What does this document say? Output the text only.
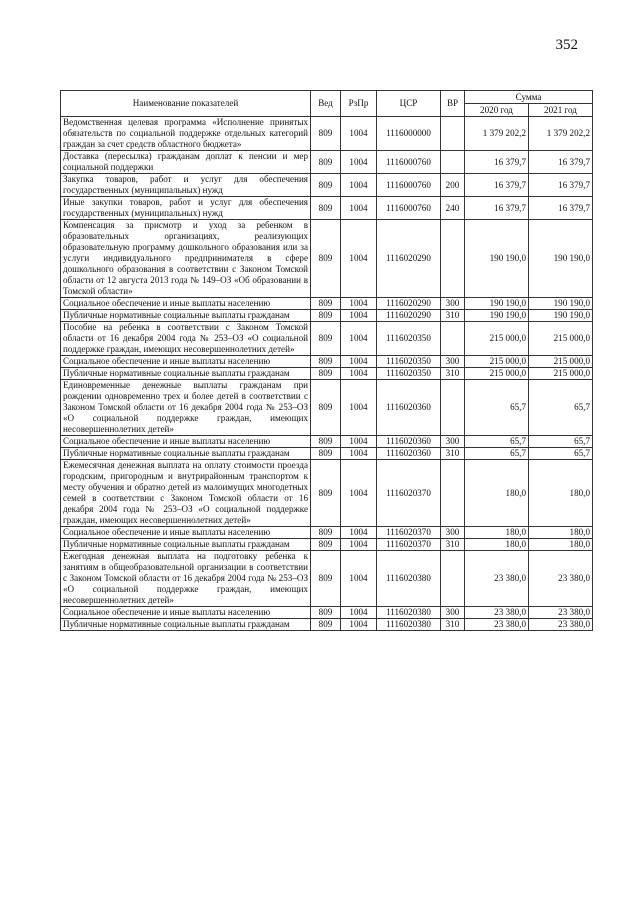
352
Наименование показателей	Вед	РзПр	ЦСР	ВР	Сумма	
					2020 год	2021 год
Ведомственная целевая программа «Исполнение принятых обязательств по социальной поддержке отдельных категорий граждан за счет средств областного бюджета»	809	1004	1116000000		1 379 202,2	1 379 202,2
Доставка (пересылка) гражданам доплат к пенсии и мер социальной поддержки	809	1004	1116000760		16 379,7	16 379,7
Закупка товаров, работ и услуг для обеспечения государственных (муниципальных) нужд	809	1004	1116000760	200	16 379,7	16 379,7
Иные закупки товаров, работ и услуг для обеспечения государственных (муниципальных) нужд	809	1004	1116000760	240	16 379,7	16 379,7
Компенсация за присмотр и уход за ребенком в образовательных организациях, реализующих образовательную программу дошкольного образования или за услуги индивидуального предпринимателя в сфере дошкольного образования в соответствии с Законом Томской области от 12 августа 2013 года № 149–ОЗ «Об образовании в Томской области»	809	1004	1116020290		190 190,0	190 190,0
Социальное обеспечение и иные выплаты населению	809	1004	1116020290	300	190 190,0	190 190,0
Публичные нормативные социальные выплаты гражданам	809	1004	1116020290	310	190 190,0	190 190,0
Пособие на ребенка в соответствии с Законом Томской области от 16 декабря 2004 года № 253–ОЗ «О социальной поддержке граждан, имеющих несовершеннолетних детей»	809	1004	1116020350		215 000,0	215 000,0
Социальное обеспечение и иные выплаты населению	809	1004	1116020350	300	215 000,0	215 000,0
Публичные нормативные социальные выплаты гражданам	809	1004	1116020350	310	215 000,0	215 000,0
Единовременные денежные выплаты гражданам при рождении одновременно трех и более детей в соответствии с Законом Томской области от 16 декабря 2004 года № 253–ОЗ «О социальной поддержке граждан, имеющих несовершеннолетних детей»	809	1004	1116020360		65,7	65,7
Социальное обеспечение и иные выплаты населению	809	1004	1116020360	300	65,7	65,7
Публичные нормативные социальные выплаты гражданам	809	1004	1116020360	310	65,7	65,7
Ежемесячная денежная выплата на оплату стоимости проезда городским, пригородным и внутрирайонным транспортом к месту обучения и обратно детей из малоимущих многодетных семей в соответствии с Законом Томской области от 16 декабря 2004 года № 253–ОЗ «О социальной поддержке граждан, имеющих несовершеннолетних детей»	809	1004	1116020370		180,0	180,0
Социальное обеспечение и иные выплаты населению	809	1004	1116020370	300	180,0	180,0
Публичные нормативные социальные выплаты гражданам	809	1004	1116020370	310	180,0	180,0
Ежегодная денежная выплата на подготовку ребенка к занятиям в общеобразовательной организации в соответствии с Законом Томской области от 16 декабря 2004 года № 253–ОЗ «О социальной поддержке граждан, имеющих несовершеннолетних детей»	809	1004	1116020380		23 380,0	23 380,0
Социальное обеспечение и иные выплаты населению	809	1004	1116020380	300	23 380,0	23 380,0
Публичные нормативные социальные выплаты гражданам	809	1004	1116020380	310	23 380,0	23 380,0
